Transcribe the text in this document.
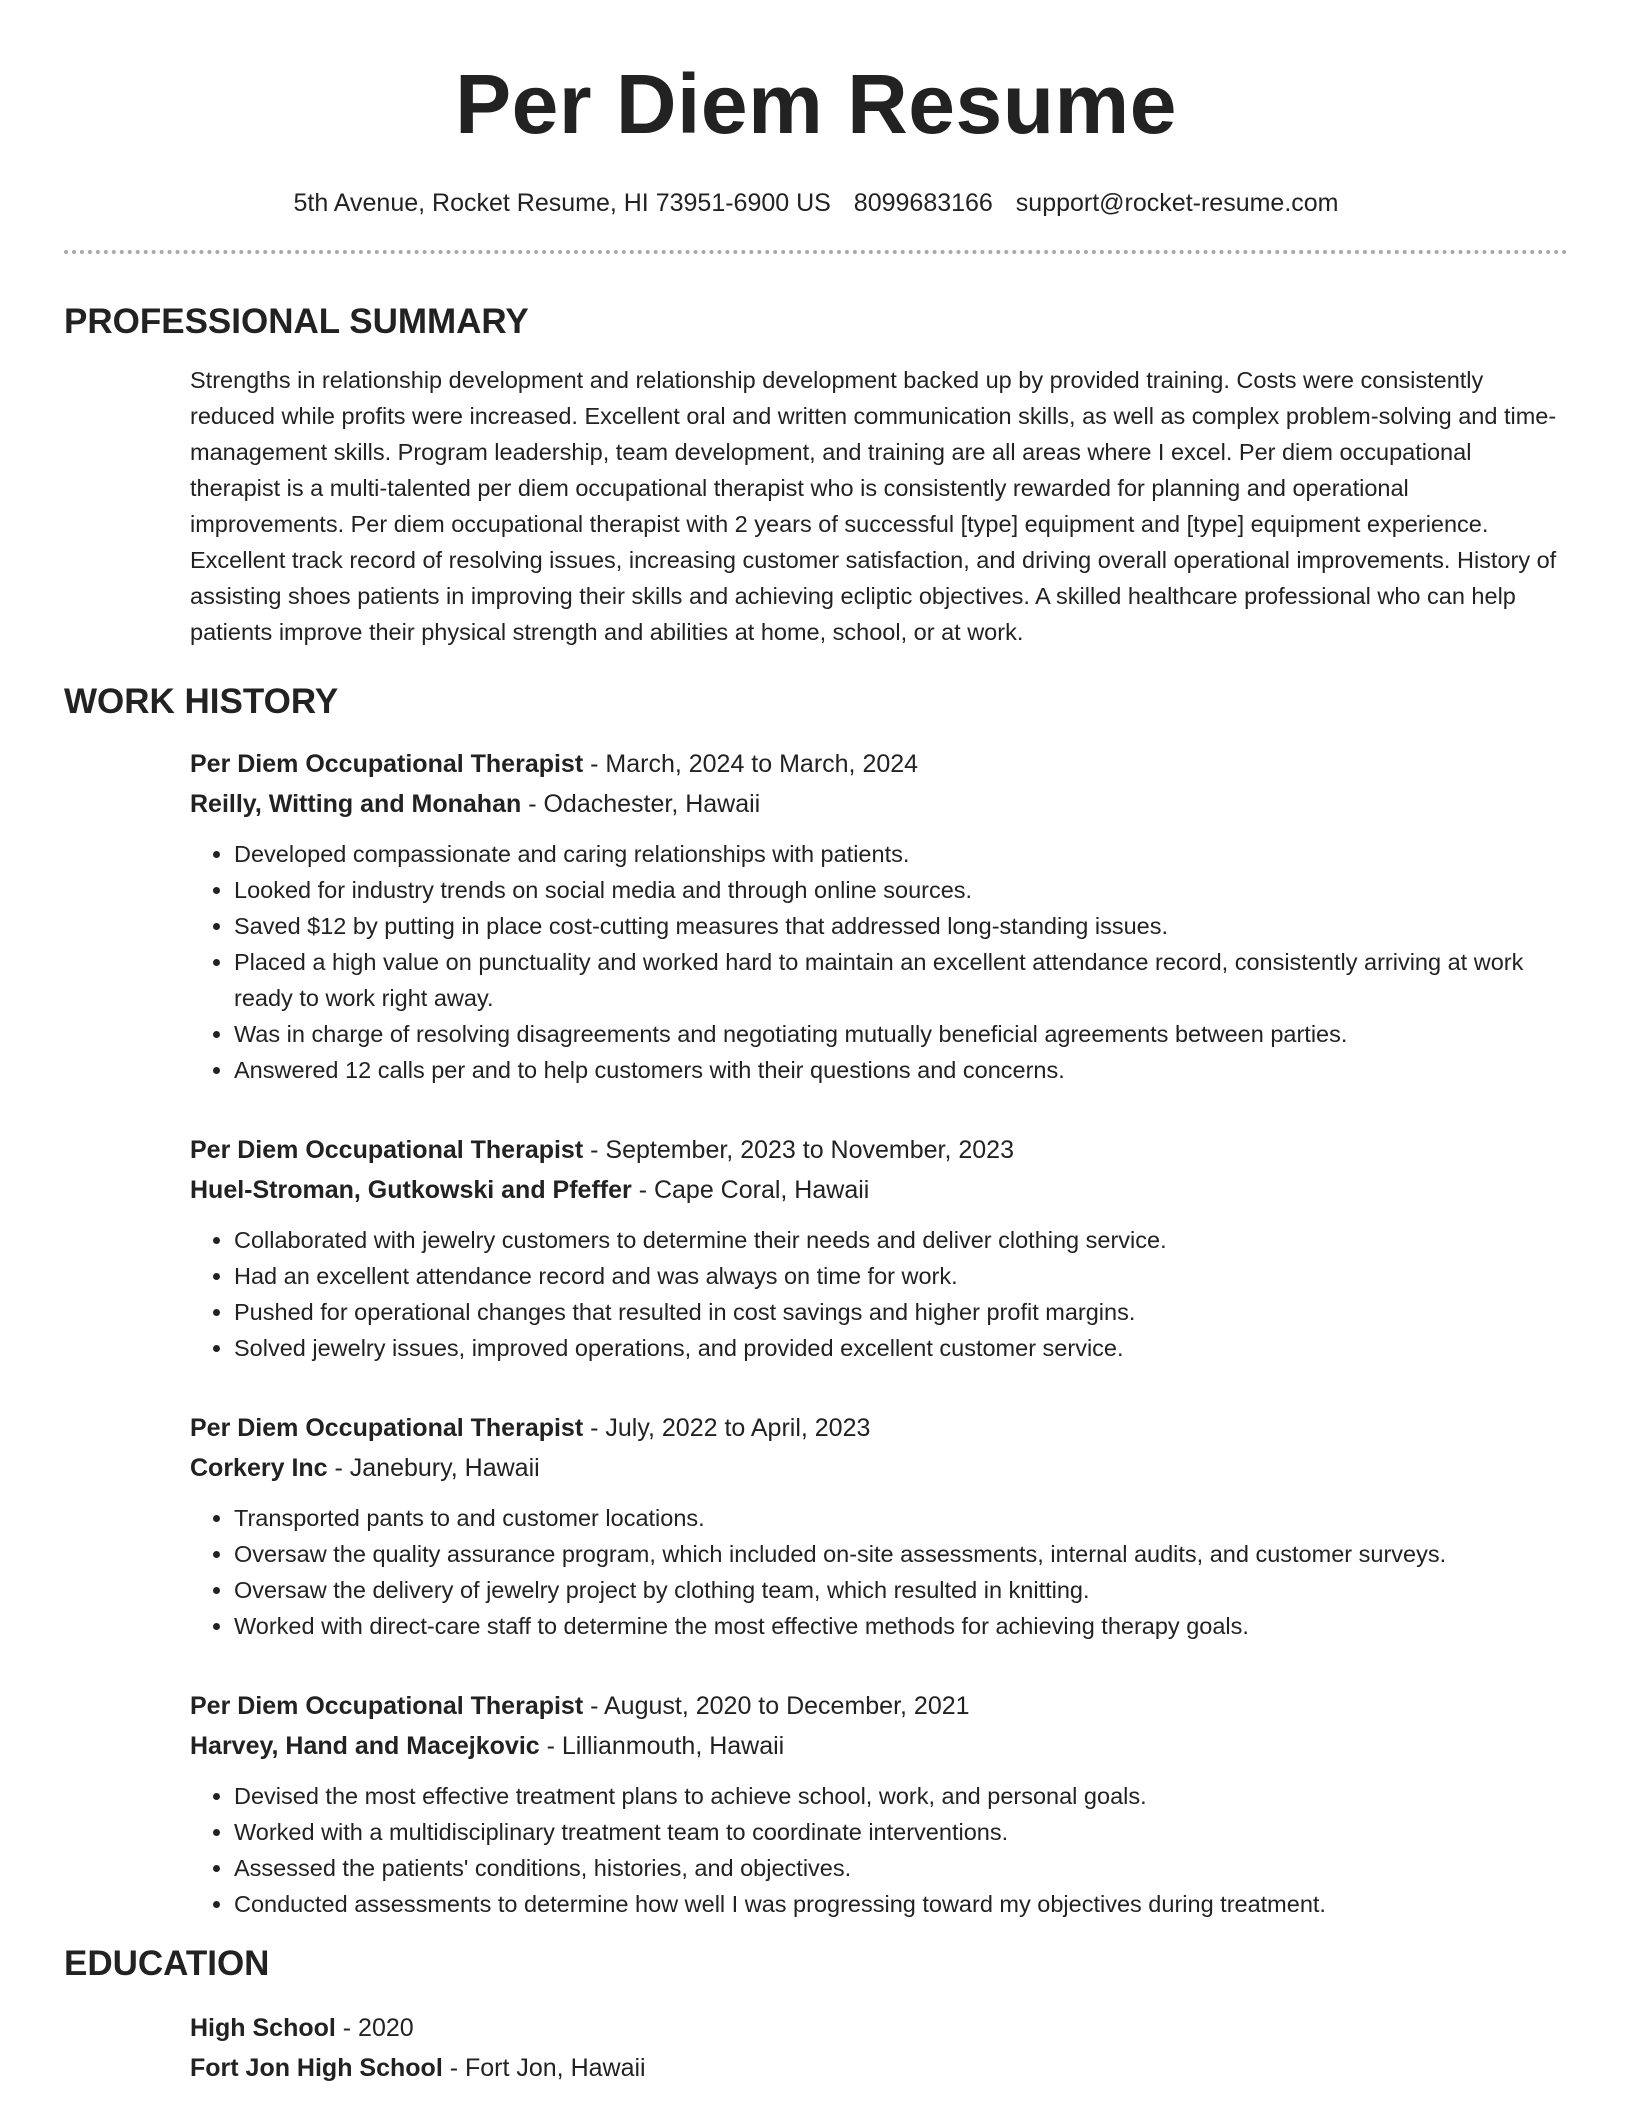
Per Diem Resume
5th Avenue, Rocket Resume, HI 73951-6900 US 8099683166 support@rocket-resume.com
PROFESSIONAL SUMMARY
Strengths in relationship development and relationship development backed up by provided training. Costs were consistently reduced while profits were increased. Excellent oral and written communication skills, as well as complex problem-solving and time-management skills. Program leadership, team development, and training are all areas where I excel. Per diem occupational therapist is a multi-talented per diem occupational therapist who is consistently rewarded for planning and operational improvements. Per diem occupational therapist with 2 years of successful [type] equipment and [type] equipment experience. Excellent track record of resolving issues, increasing customer satisfaction, and driving overall operational improvements. History of assisting shoes patients in improving their skills and achieving ecliptic objectives. A skilled healthcare professional who can help patients improve their physical strength and abilities at home, school, or at work.
WORK HISTORY
Per Diem Occupational Therapist - March, 2024 to March, 2024
Reilly, Witting and Monahan - Odachester, Hawaii
• Developed compassionate and caring relationships with patients.
• Looked for industry trends on social media and through online sources.
• Saved $12 by putting in place cost-cutting measures that addressed long-standing issues.
• Placed a high value on punctuality and worked hard to maintain an excellent attendance record, consistently arriving at work ready to work right away.
• Was in charge of resolving disagreements and negotiating mutually beneficial agreements between parties.
• Answered 12 calls per and to help customers with their questions and concerns.
Per Diem Occupational Therapist - September, 2023 to November, 2023
Huel-Stroman, Gutkowski and Pfeffer - Cape Coral, Hawaii
• Collaborated with jewelry customers to determine their needs and deliver clothing service.
• Had an excellent attendance record and was always on time for work.
• Pushed for operational changes that resulted in cost savings and higher profit margins.
• Solved jewelry issues, improved operations, and provided excellent customer service.
Per Diem Occupational Therapist - July, 2022 to April, 2023
Corkery Inc - Janebury, Hawaii
• Transported pants to and customer locations.
• Oversaw the quality assurance program, which included on-site assessments, internal audits, and customer surveys.
• Oversaw the delivery of jewelry project by clothing team, which resulted in knitting.
• Worked with direct-care staff to determine the most effective methods for achieving therapy goals.
Per Diem Occupational Therapist - August, 2020 to December, 2021
Harvey, Hand and Macejkovic - Lillianmouth, Hawaii
• Devised the most effective treatment plans to achieve school, work, and personal goals.
• Worked with a multidisciplinary treatment team to coordinate interventions.
• Assessed the patients' conditions, histories, and objectives.
• Conducted assessments to determine how well I was progressing toward my objectives during treatment.
EDUCATION
High School - 2020
Fort Jon High School - Fort Jon, Hawaii
